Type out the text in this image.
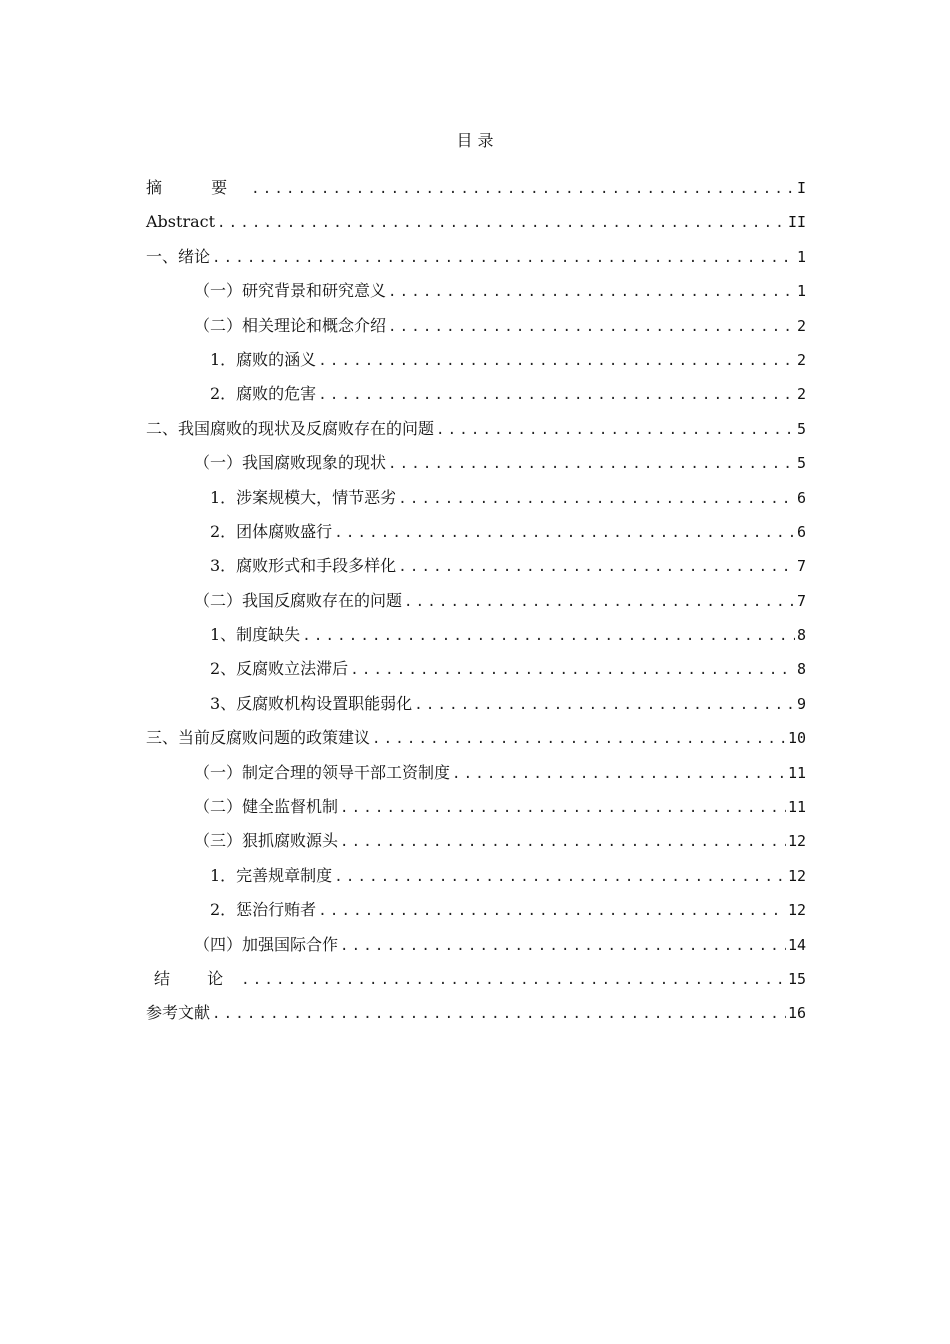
目 录
摘 要 .....	I
Abstract .....	II
一、绪论 .....	1
（一）研究背景和研究意义 .....	1
（二）相关理论和概念介绍 .....	2
1．腐败的涵义 .....	2
2．腐败的危害 .....	2
二、我国腐败的现状及反腐败存在的问题 .....	5
（一）我国腐败现象的现状 .....	5
1．涉案规模大，情节恶劣 .....	6
2．团体腐败盛行 .....	6
3．腐败形式和手段多样化 .....	7
（二）我国反腐败存在的问题 .....	7
1、制度缺失 .....	8
2、反腐败立法滞后 .....	8
3、反腐败机构设置职能弱化 .....	9
三、当前反腐败问题的政策建议 .....	10
（一）制定合理的领导干部工资制度 .....	11
（二）健全监督机制 .....	11
（三）狠抓腐败源头 .....	12
1．完善规章制度 .....	12
2．惩治行贿者 .....	12
（四）加强国际合作 .....	14
结 论 .....	15
参考文献 .....	16
